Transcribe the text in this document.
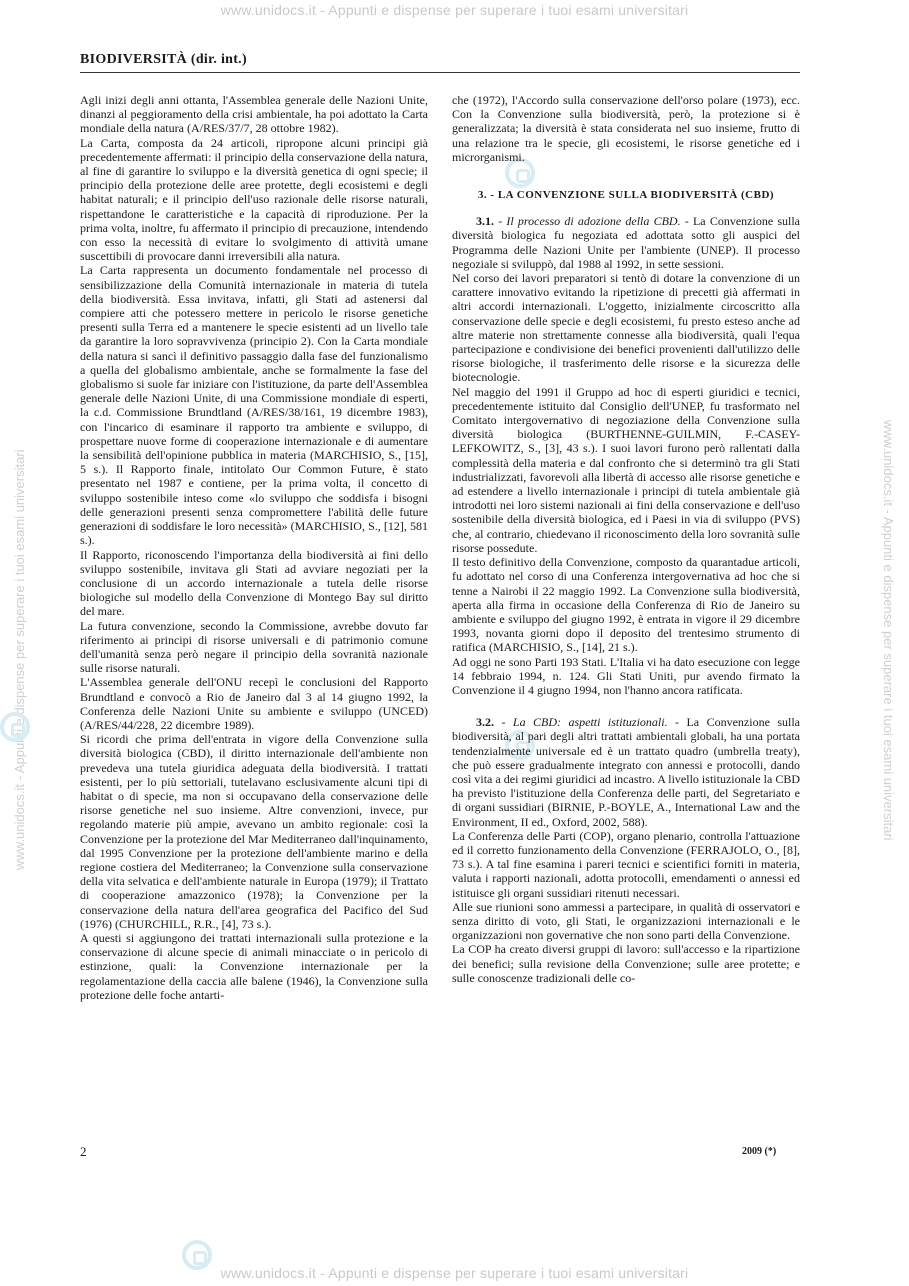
www.unidocs.it - Appunti e dispense per superare i tuoi esami universitari
www.unidocs.it - Appunti e dispense per superare i tuoi esami universitari
www.unidocs.it - Appunti e dispense per superare i tuoi esami universitari	www.unidocs.it - Appunti e dispense per superare i tuoi esami universitari
BIODIVERSITÀ (dir. int.)

Agli inizi degli anni ottanta, l'Assemblea generale delle Nazioni Unite, dinanzi al peggioramento della crisi ambientale, ha poi adottato la Carta mondiale della natura (A/RES/37/7, 28 ottobre 1982).

La Carta, composta da 24 articoli, ripropone alcuni principi già precedentemente affermati: il principio della conservazione della natura, al fine di garantire lo sviluppo e la diversità genetica di ogni specie; il principio della protezione delle aree protette, degli ecosistemi e degli habitat naturali; e il principio dell'uso razionale delle risorse naturali, rispettandone le caratteristiche e la capacità di riproduzione. Per la prima volta, inoltre, fu affermato il principio di precauzione, intendendo con esso la necessità di evitare lo svolgimento di attività umane suscettibili di provocare danni irreversibili alla natura.

La Carta rappresenta un documento fondamentale nel processo di sensibilizzazione della Comunità internazionale in materia di tutela della biodiversità. Essa invitava, infatti, gli Stati ad astenersi dal compiere atti che potessero mettere in pericolo le risorse genetiche presenti sulla Terra ed a mantenere le specie esistenti ad un livello tale da garantire la loro sopravvivenza (principio 2). Con la Carta mondiale della natura si sancì il definitivo passaggio dalla fase del funzionalismo a quella del globalismo ambientale, anche se formalmente la fase del globalismo si suole far iniziare con l'istituzione, da parte dell'Assemblea generale delle Nazioni Unite, di una Commissione mondiale di esperti, la c.d. Commissione Brundtland (A/RES/38/161, 19 dicembre 1983), con l'incarico di esaminare il rapporto tra ambiente e sviluppo, di prospettare nuove forme di cooperazione internazionale e di aumentare la sensibilità dell'opinione pubblica in materia (MARCHISIO, S., [15], 5 s.). Il Rapporto finale, intitolato Our Common Future, è stato presentato nel 1987 e contiene, per la prima volta, il concetto di sviluppo sostenibile inteso come «lo sviluppo che soddisfa i bisogni delle generazioni presenti senza compromettere l'abilità delle future generazioni di soddisfare le loro necessità» (MARCHISIO, S., [12], 581 s.).

Il Rapporto, riconoscendo l'importanza della biodiversità ai fini dello sviluppo sostenibile, invitava gli Stati ad avviare negoziati per la conclusione di un accordo internazionale a tutela delle risorse biologiche sul modello della Convenzione di Montego Bay sul diritto del mare.

La futura convenzione, secondo la Commissione, avrebbe dovuto far riferimento ai principi di risorse universali e di patrimonio comune dell'umanità senza però negare il principio della sovranità nazionale sulle risorse naturali.

L'Assemblea generale dell'ONU recepì le conclusioni del Rapporto Brundtland e convocò a Rio de Janeiro dal 3 al 14 giugno 1992, la Conferenza delle Nazioni Unite su ambiente e sviluppo (UNCED) (A/RES/44/228, 22 dicembre 1989).

Si ricordi che prima dell'entrata in vigore della Convenzione sulla diversità biologica (CBD), il diritto internazionale dell'ambiente non prevedeva una tutela giuridica adeguata della biodiversità. I trattati esistenti, per lo più settoriali, tutelavano esclusivamente alcuni tipi di habitat o di specie, ma non si occupavano della conservazione delle risorse genetiche nel suo insieme. Altre convenzioni, invece, pur regolando materie più ampie, avevano un ambito regionale: così la Convenzione per la protezione del Mar Mediterraneo dall'inquinamento, dal 1995 Convenzione per la protezione dell'ambiente marino e della regione costiera del Mediterraneo; la Convenzione sulla conservazione della vita selvatica e dell'ambiente naturale in Europa (1979); il Trattato di cooperazione amazzonico (1978); la Convenzione per la conservazione della natura dell'area geografica del Pacifico del Sud (1976) (CHURCHILL, R.R., [4], 73 s.).

A questi si aggiungono dei trattati internazionali sulla protezione e la conservazione di alcune specie di animali minacciate o in pericolo di estinzione, quali: la Convenzione internazionale per la regolamentazione della caccia alle balene (1946), la Convenzione sulla protezione delle foche antarti-

che (1972), l'Accordo sulla conservazione dell'orso polare (1973), ecc. Con la Convenzione sulla biodiversità, però, la protezione si è generalizzata; la diversità è stata considerata nel suo insieme, frutto di una relazione tra le specie, gli ecosistemi, le risorse genetiche ed i microrganismi.

3. - LA CONVENZIONE SULLA BIODIVERSITÀ (CBD)

3.1. - Il processo di adozione della CBD. - La Convenzione sulla diversità biologica fu negoziata ed adottata sotto gli auspici del Programma delle Nazioni Unite per l'ambiente (UNEP). Il processo negoziale si sviluppò, dal 1988 al 1992, in sette sessioni.

Nel corso dei lavori preparatori si tentò di dotare la convenzione di un carattere innovativo evitando la ripetizione di precetti già affermati in altri accordi internazionali. L'oggetto, inizialmente circoscritto alla conservazione delle specie e degli ecosistemi, fu presto esteso anche ad altre materie non strettamente connesse alla biodiversità, quali l'equa partecipazione e condivisione dei benefici provenienti dall'utilizzo delle risorse biologiche, il trasferimento delle risorse e la sicurezza delle biotecnologie.

Nel maggio del 1991 il Gruppo ad hoc di esperti giuridici e tecnici, precedentemente istituito dal Consiglio dell'UNEP, fu trasformato nel Comitato intergovernativo di negoziazione della Convenzione sulla diversità biologica (BURTHENNE-GUILMIN, F.-CASEY-LEFKOWITZ, S., [3], 43 s.). I suoi lavori furono però rallentati dalla complessità della materia e dal confronto che si determinò tra gli Stati industrializzati, favorevoli alla libertà di accesso alle risorse genetiche e ad estendere a livello internazionale i principi di tutela ambientale già introdotti nei loro sistemi nazionali ai fini della conservazione e dell'uso sostenibile della diversità biologica, ed i Paesi in via di sviluppo (PVS) che, al contrario, chiedevano il riconoscimento della loro sovranità sulle risorse possedute.

Il testo definitivo della Convenzione, composto da quarantadue articoli, fu adottato nel corso di una Conferenza intergovernativa ad hoc che si tenne a Nairobi il 22 maggio 1992. La Convenzione sulla biodiversità, aperta alla firma in occasione della Conferenza di Rio de Janeiro su ambiente e sviluppo del giugno 1992, è entrata in vigore il 29 dicembre 1993, novanta giorni dopo il deposito del trentesimo strumento di ratifica (MARCHISIO, S., [14], 21 s.).

Ad oggi ne sono Parti 193 Stati. L'Italia vi ha dato esecuzione con legge 14 febbraio 1994, n. 124. Gli Stati Uniti, pur avendo firmato la Convenzione il 4 giugno 1994, non l'hanno ancora ratificata.

3.2. - La CBD: aspetti istituzionali. - La Convenzione sulla biodiversità, al pari degli altri trattati ambientali globali, ha una portata tendenzialmente universale ed è un trattato quadro (umbrella treaty), che può essere gradualmente integrato con annessi e protocolli, dando così vita a dei regimi giuridici ad incastro. A livello istituzionale la CBD ha previsto l'istituzione della Conferenza delle parti, del Segretariato e di organi sussidiari (BIRNIE, P.-BOYLE, A., International Law and the Environment, II ed., Oxford, 2002, 588).

La Conferenza delle Parti (COP), organo plenario, controlla l'attuazione ed il corretto funzionamento della Convenzione (FERRAJOLO, O., [8], 73 s.). A tal fine esamina i pareri tecnici e scientifici forniti in materia, valuta i rapporti nazionali, adotta protocolli, emendamenti o annessi ed istituisce gli organi sussidiari ritenuti necessari.

Alle sue riunioni sono ammessi a partecipare, in qualità di osservatori e senza diritto di voto, gli Stati, le organizzazioni internazionali e le organizzazioni non governative che non sono parti della Convenzione.

La COP ha creato diversi gruppi di lavoro: sull'accesso e la ripartizione dei benefici; sulla revisione della Convenzione; sulle aree protette; e sulle conoscenze tradizionali delle co-

2	2009 (*)
